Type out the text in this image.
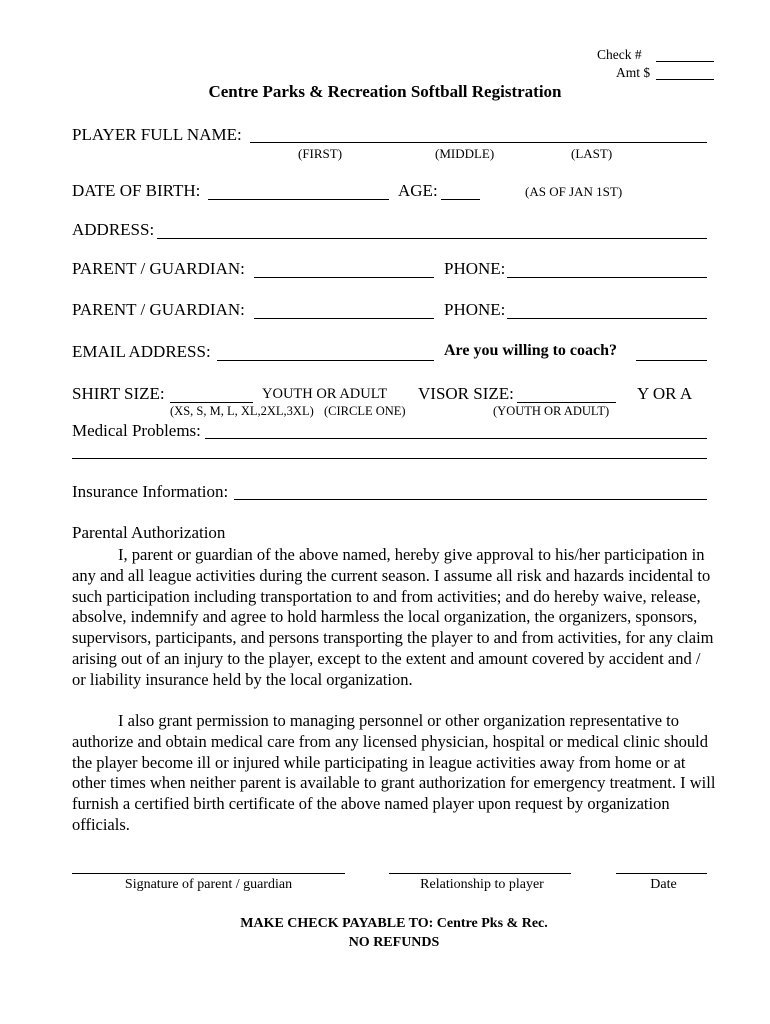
Check #
Amt $
Centre Parks & Recreation Softball Registration
PLAYER FULL NAME:
(FIRST)	(MIDDLE)	(LAST)
DATE OF BIRTH:	AGE:	(AS OF JAN 1ST)
ADDRESS:
PARENT / GUARDIAN:	PHONE:
PARENT / GUARDIAN:	PHONE:
EMAIL ADDRESS:	Are you willing to coach?
SHIRT SIZE:	YOUTH OR ADULT VISOR SIZE:	Y OR A
(XS, S, M, L, XL,2XL,3XL) (CIRCLE ONE)	(YOUTH OR ADULT)
Medical Problems:
Insurance Information:
Parental Authorization
I, parent or guardian of the above named, hereby give approval to his/her participation in any and all league activities during the current season. I assume all risk and hazards incidental to such participation including transportation to and from activities; and do hereby waive, release, absolve, indemnify and agree to hold harmless the local organization, the organizers, sponsors, supervisors, participants, and persons transporting the player to and from activities, for any claim arising out of an injury to the player, except to the extent and amount covered by accident and / or liability insurance held by the local organization.
I also grant permission to managing personnel or other organization representative to authorize and obtain medical care from any licensed physician, hospital or medical clinic should the player become ill or injured while participating in league activities away from home or at other times when neither parent is available to grant authorization for emergency treatment. I will furnish a certified birth certificate of the above named player upon request by organization officials.
Signature of parent / guardian	Relationship to player	Date
MAKE CHECK PAYABLE TO: Centre Pks & Rec.
NO REFUNDS
